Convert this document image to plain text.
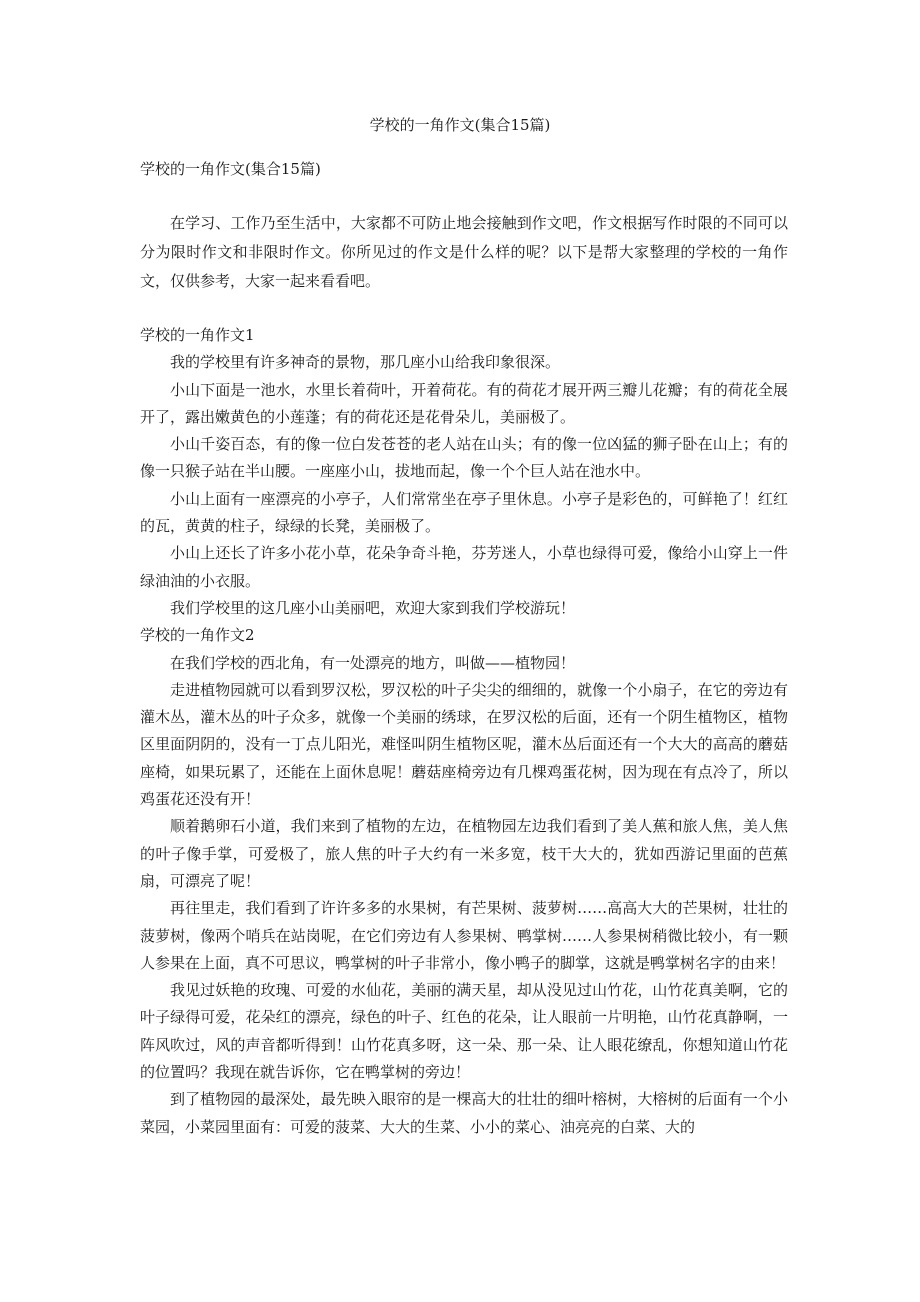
学校的一角作文(集合15篇)
学校的一角作文(集合15篇)

在学习、工作乃至生活中，大家都不可防止地会接触到作文吧，作文根据写作时限的不同可以分为限时作文和非限时作文。你所见过的作文是什么样的呢？以下是帮大家整理的学校的一角作文，仅供参考，大家一起来看看吧。

学校的一角作文1

我的学校里有许多神奇的景物，那几座小山给我印象很深。

小山下面是一池水，水里长着荷叶，开着荷花。有的荷花才展开两三瓣儿花瓣；有的荷花全展开了，露出嫩黄色的小莲蓬；有的荷花还是花骨朵儿，美丽极了。

小山千姿百态，有的像一位白发苍苍的老人站在山头；有的像一位凶猛的狮子卧在山上；有的像一只猴子站在半山腰。一座座小山，拔地而起，像一个个巨人站在池水中。

小山上面有一座漂亮的小亭子，人们常常坐在亭子里休息。小亭子是彩色的，可鲜艳了！红红的瓦，黄黄的柱子，绿绿的长凳，美丽极了。

小山上还长了许多小花小草，花朵争奇斗艳，芬芳迷人，小草也绿得可爱，像给小山穿上一件绿油油的小衣服。

我们学校里的这几座小山美丽吧，欢迎大家到我们学校游玩！

学校的一角作文2

在我们学校的西北角，有一处漂亮的地方，叫做——植物园！

走进植物园就可以看到罗汉松，罗汉松的叶子尖尖的细细的，就像一个小扇子，在它的旁边有灌木丛，灌木丛的叶子众多，就像一个美丽的绣球，在罗汉松的后面，还有一个阴生植物区，植物区里面阴阴的，没有一丁点儿阳光，难怪叫阴生植物区呢，灌木丛后面还有一个大大的高高的蘑菇座椅，如果玩累了，还能在上面休息呢！蘑菇座椅旁边有几棵鸡蛋花树，因为现在有点冷了，所以鸡蛋花还没有开！

顺着鹅卵石小道，我们来到了植物的左边，在植物园左边我们看到了美人蕉和旅人焦，美人焦的叶子像手掌，可爱极了，旅人焦的叶子大约有一米多宽，枝干大大的，犹如西游记里面的芭蕉扇，可漂亮了呢！

再往里走，我们看到了许许多多的水果树，有芒果树、菠萝树……高高大大的芒果树，壮壮的菠萝树，像两个哨兵在站岗呢，在它们旁边有人参果树、鸭掌树……人参果树稍微比较小，有一颗人参果在上面，真不可思议，鸭掌树的叶子非常小，像小鸭子的脚掌，这就是鸭掌树名字的由来！

我见过妖艳的玫瑰、可爱的水仙花，美丽的满天星，却从没见过山竹花，山竹花真美啊，它的叶子绿得可爱，花朵红的漂亮，绿色的叶子、红色的花朵，让人眼前一片明艳，山竹花真静啊，一阵风吹过，风的声音都听得到！山竹花真多呀，这一朵、那一朵、让人眼花缭乱，你想知道山竹花的位置吗？我现在就告诉你，它在鸭掌树的旁边！

到了植物园的最深处，最先映入眼帘的是一棵高大的壮壮的细叶榕树，大榕树的后面有一个小菜园，小菜园里面有：可爱的菠菜、大大的生菜、小小的菜心、油亮亮的白菜、大的
